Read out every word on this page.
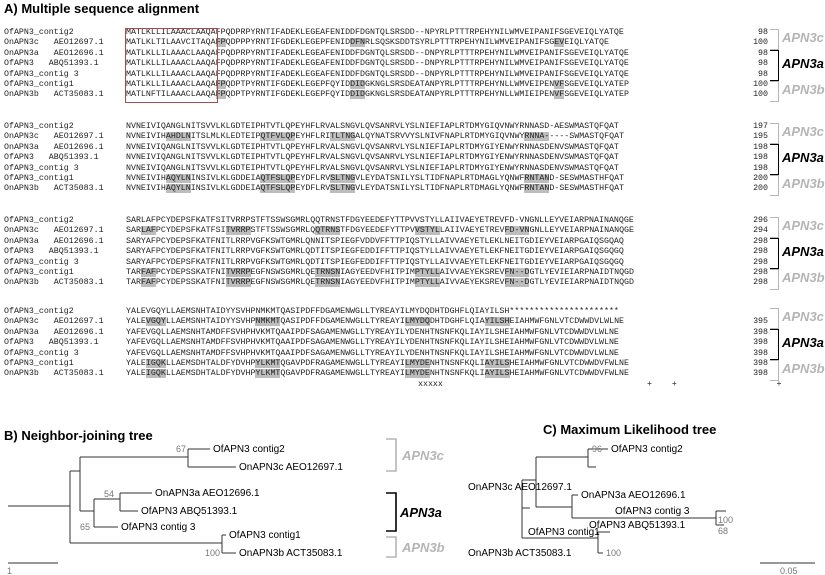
A) Multiple sequence alignment
OfAPN3_contig2	MATLKLLILAAACLAAQAFPQDPRPYRNTIFADEKLEGEAFENIDDFDGNTQLSRSDD--NPYRLPTTTRPEHYNILWMVEIPANIFSGEVEIQLYATQE	98
OnAPN3c   AEO12697.1	MATLKLTILAAVCITAQAFPQDPPPYRNTIFGDEKLEGEPFENIDDFNRLSQSKSDDTSYRLPTTTRPEHYNILWMVEIPANIFSGEVEIQLYATQE	100
OnAPN3a   AEO12696.1	MATLKLLILAAACLAAQAFPQDPRPYRNTIFADEKLEGEAFENIDDFDGNTQLSRSDD--DNPYRLPTTTRPEHYNILWMVEIPANIFSGEVEIQLYATQE	98
OfAPN3   ABQ51393.1	MATLKLLILAAACLAAQAFPQDPRPYRNTIFADEKLEGEAFENIDDFDGNTQLSRSDD--DNPYRLPTTTRPEHYNILWMVEIPANIFSGEVEIQLYATQE	98
OfAPN3_contig 3	MATLKLLILAAACLAAQAFPQDPRPYRNTIFADEKLEGEAFENIDDFDGNTQLSRSDD--DNPYRLPTTTRPEHYNILWMVEIPANIFSGEVEIQLYATQE	98
OfAPN3_contig1	MATLKLLILAAACLAAQAFPQDPTPYRNTIFGDEKLEGEPFQYIDDIDGKNGLSRSDEATANPYRLPTTTRPEHYNLLWMVEIPENVFSGEVEIQLYATEP	100
OnAPN3b   ACT35083.1	MATLNFTILAAACLAAQAFPQDPTPYRNTIFGDEKLEGEPFQYIDDIDGKNGLSRSDEATANPYRLPTTTRPEHYNLLWMIEIPENVFSGEVEIQLYATEP	100
APN3c
APN3a
APN3b
OfAPN3_contig2	NVNEIVIQANGLNITSVVLKLGDTEIPHTVTLQPEYHFLRVALSNGVLQVSANRVLYSLNIEFIAPLRTDMYGIQVNWYRNNASD-AESWMASTQFQAT	197
OnAPN3c   AEO12697.1	NVNEIVIHAHDLNITSLMLKLEDTEIPQTFVLQPEYHFLRITLTNGALQYNATSRVVYSLNIVFNAPLRTDMYGIQVNWYRNNA-----SWMASTQFQAT	195
OnAPN3a   AEO12696.1	NVNEIVIQANGLNITSVVLKLGDTEIPHTVTLQPEYHFLRVALSNGVLQVSANRVLYSLNIEFIAPLRTDMYGIYENWYRNNASDENVSWMASTQFQAT	198
OfAPN3   ABQ51393.1	NVNEIVIQANGLNITSVVLKLGDTEIPHTVTLQPEYHFLRVALSNGVLQVSANRVLYSLNIEFIAPLRTDMYGIYENWYRNNASDENVSWMASTQFQAT	198
OfAPN3_contig 3	NVNEIVIQANGLNITSVVLKLGDTEIPHTVTLQPEYHFLRVALSNGVLQVSANRVLYSLNIEFIAPLRTDMYGIYENWYRNNASDENVSWMASTQFQAT	198
OfAPN3_contig1	NVNEIVIHAQYLNINSIVLKLGDDEIAQTFSLQPEYDFLRVSLTNGVLEYDATSNILYSLTIDFNAPLRTDMAGLYQNWFRNTAND-SESWMASTHFQAT	200
OnAPN3b   ACT35083.1	NVNEIVIHAQYLNINSIVLKLGDDEIAQTFSLQPEYDFLRVSLTNGVLEYDATSNILYSLTIDFNAPLRTDMAGLYQNWFRNTAND-SESWMASTHFQAT	200
APN3c
APN3a
APN3b
OfAPN3_contig2	SARLAFPCYDEPSFKATFSITVRRPSTFTSSWSGMRLQQTRNSTFDGYEEDEFYTTPVVSTYLLAIIVAEYETREVFD-VNGNLLEYVEIARPNAINANQGE	296
OnAPN3c   AEO12697.1	SARLAFPCYDEPSFKATFSITVRRPSTFTSSWSGMRLQQTRNSTFDGYEEDEFYTTPVVSTYLLAIIVAEYETREVFD-VNGNLLEYVEIARPNAINANQGE	294
OnAPN3a   AEO12696.1	SARYAFPCYDEPSFKATFNITLRRPVGFKSWTGMRLQNNITSPIEGFVDDVFFTTPIQSTYLLAIVVAEYETLEKLNEITGDIEYVEIARPGAIQSGQAQ	298
OfAPN3   ABQ51393.1	SARYAFPCYDEPSFKATFNITLRRPVGFKSWTGMRLQDTITSPIEGFEDDIFFTTPIQSTYLLAIVVAEYETLEKFNEITGDIEYVEIARPGAIQSGQGQ	298
OfAPN3_contig 3	SARYAFPCYDEPSFKATFNITLRRPVGFKSWTGMRLQDTITSPIEGFEDDIFFTTPIQSTYLLAIVVAEYETLEKFNEITGDIEYVEIARPGAIQSGQGQ	298
OfAPN3_contig1	TARFAFPCYDEPSSKATFNITVRRPEGFNSWSGMRLQETRNSNIAGYEEDVFHITPIMPTYLLAIVVAEYEKSREVFN--DGTLYEVIEIARPNAIDTNQGD	298
OnAPN3b   ACT35083.1	TARFAFPCYDEPSSKATFNITVRRPEGFNSWSGMRLQETRNSNIAGYEEDVFHITPIMPTYLLAIVVAEYEKSREVFN--DGTLYEVIEIARPNAIDTNQGD	298
APN3c
APN3a
APN3b
OfAPN3_contig2	YALEVGQYLLAEMSNHTAIDYYSVHPNMKMTQASIPDFFDGAMENWGLLTYREAYILMYDQDHTDGHFLQIAYILSH**********************
OnAPN3c   AEO12697.1	YALEVGQYLLAEMSNHTAIDYYSVHPNMKMTQASIPDFFDGAMENWGLLTYREAYILMYDQDHTDGHFLQIAYILSHEIAHMWFGNLVTCDWWDVLWLNE	395
OnAPN3a   AEO12696.1	YAFEVGQLLAEMSNHTAMDFFSVHPHVKMTQAAIPDFSAGAMENWGLLTYREAYILYDENHTNSNFKQLIAYILSHEIAHMWFGNLVTCDWWDVLWLNE	398
OfAPN3   ABQ51393.1	YAFEVGQLLAEMSNHTAMDFFSVHPHVKMTQAAIPDFSAGAMENWGLLTYREAYILYDENHTNSNFKQLIAYILSHEIAHMWFGNLVTCDWWDVLWLNE	398
OfAPN3_contig 3	YAFEVGQLLAEMSNHTAMDFFSVHPHVKMTQAAIPDFSAGAMENWGLLTYREAYILYDENHTNSNFKQLIAYILSHEIAHMWFGNLVTCDWWDVLWLNE	398
OfAPN3_contig1	YALEIGQKLLAEMSDHTALDFYDVHPYLKMTQGAVPDFRAGAMENWGLLTYREAYILMYDENHTNSNFKQLIAYILSHEIAHMWFGNLVTCDWWDVFWLNE	398
OnAPN3b   ACT35083.1	YALEIGQKLLAEMSDHTALDFYDVHPYLKMTQGAVPDFRAGAMENWGLLTYREAYILMYDENHTNSNFKQLIAYILSHEIAHMWFGNLVTCDWWDVFWLNE	398
xxxxx                                         +    +                    +
APN3c
APN3a
APN3b
B) Neighbor-joining tree
OfAPN3 contig2
OnAPN3c AEO12697.1
OnAPN3a AEO12696.1
OfAPN3 ABQ51393.1
OfAPN3 contig 3
OfAPN3 contig1
OnAPN3b ACT35083.1
67
54
65
100
1
APN3c
APN3a
APN3b
C) Maximum Likelihood tree
OfAPN3 contig2
OnAPN3c AEO12697.1
OnAPN3a AEO12696.1
OfAPN3 contig 3
OfAPN3 ABQ51393.1
OfAPN3 contig1
OnAPN3b ACT35083.1
96
100
68
100
0.05
